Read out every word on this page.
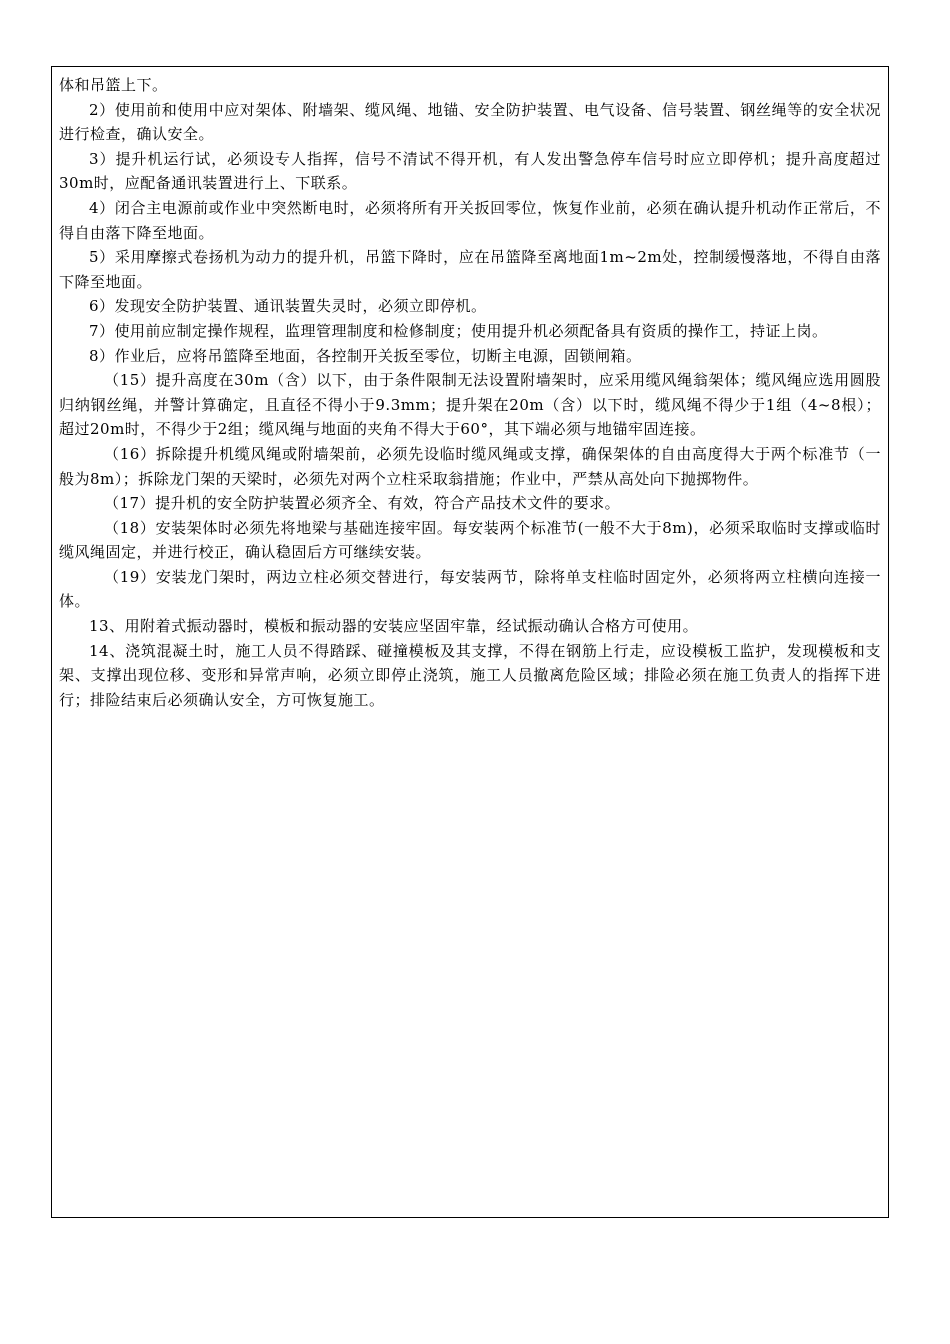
体和吊篮上下。

2）使用前和使用中应对架体、附墙架、缆风绳、地锚、安全防护装置、电气设备、信号装置、钢丝绳等的安全状况进行检查，确认安全。

3）提升机运行试，必须设专人指挥，信号不清试不得开机，有人发出警急停车信号时应立即停机；提升高度超过30m时，应配备通讯装置进行上、下联系。

4）闭合主电源前或作业中突然断电时，必须将所有开关扳回零位，恢复作业前，必须在确认提升机动作正常后，不得自由落下降至地面。

5）采用摩擦式卷扬机为动力的提升机，吊篮下降时，应在吊篮降至离地面1m~2m处，控制缓慢落地，不得自由落下降至地面。

6）发现安全防护装置、通讯装置失灵时，必须立即停机。

7）使用前应制定操作规程，监理管理制度和检修制度；使用提升机必须配备具有资质的操作工，持证上岗。

8）作业后，应将吊篮降至地面，各控制开关扳至零位，切断主电源，固锁闸箱。

（15）提升高度在30m（含）以下，由于条件限制无法设置附墙架时，应采用缆风绳翁架体；缆风绳应选用圆股归纳钢丝绳，并警计算确定，且直径不得小于9.3mm；提升架在20m（含）以下时，缆风绳不得少于1组（4~8根）；超过20m时，不得少于2组；缆风绳与地面的夹角不得大于60°，其下端必须与地锚牢固连接。

（16）拆除提升机缆风绳或附墙架前，必须先设临时缆风绳或支撑，确保架体的自由高度得大于两个标准节（一般为8m）；拆除龙门架的天梁时，必须先对两个立柱采取翁措施；作业中，严禁从高处向下抛掷物件。

（17）提升机的安全防护装置必须齐全、有效，符合产品技术文件的要求。

（18）安装架体时必须先将地梁与基础连接牢固。每安装两个标准节(一般不大于8m)，必须采取临时支撑或临时缆风绳固定，并进行校正，确认稳固后方可继续安装。

（19）安装龙门架时，两边立柱必须交替进行，每安装两节，除将单支柱临时固定外，必须将两立柱横向连接一体。

13、用附着式振动器时，模板和振动器的安装应坚固牢靠，经试振动确认合格方可使用。

14、浇筑混凝土时，施工人员不得踏踩、碰撞模板及其支撑，不得在钢筋上行走，应设模板工监护，发现模板和支架、支撑出现位移、变形和异常声响，必须立即停止浇筑，施工人员撤离危险区域；排险必须在施工负责人的指挥下进行；排险结束后必须确认安全，方可恢复施工。
